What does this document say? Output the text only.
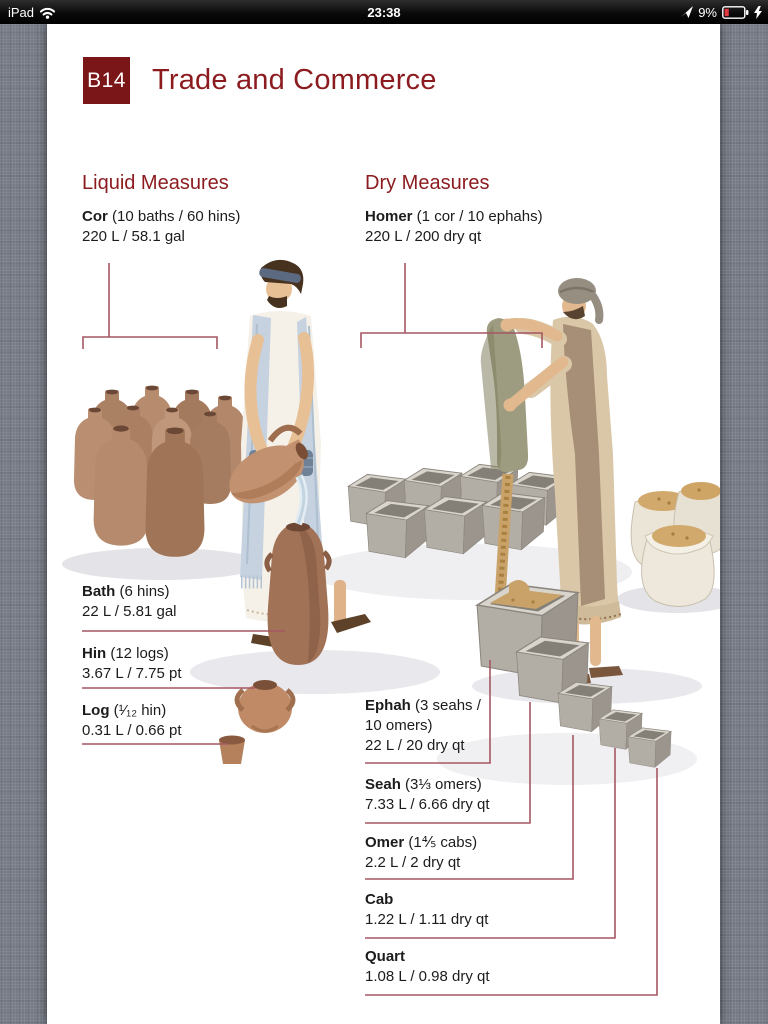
iPad	23:38	9%
B14 Trade and Commerce
Liquid Measures	Dry Measures
Cor (10 baths / 60 hins)
220 L / 58.1 gal
Homer (1 cor / 10 ephahs)
220 L / 200 dry qt
Bath (6 hins)
22 L / 5.81 gal
Hin (12 logs)
3.67 L / 7.75 pt
Log (¹⁄₁₂ hin)
0.31 L / 0.66 pt
Ephah (3 seahs / 10 omers)
22 L / 20 dry qt
Seah (3⅓ omers)
7.33 L / 6.66 dry qt
Omer (1⅘ cabs)
2.2 L / 2 dry qt
Cab
1.22 L / 1.11 dry qt
Quart
1.08 L / 0.98 dry qt
